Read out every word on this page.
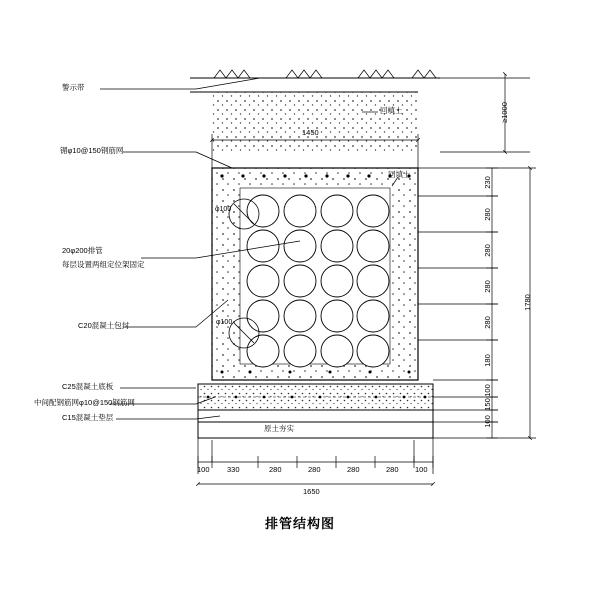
警示带
回填土
镅φ10@150钢筋网
回填土
20φ200排管
每层设置两组定位架固定
C20混凝土包封
C25混凝土底板
中间配钢筋网φ10@150钢筋网
C15混凝土垫层
原土夯实
φ100
φ100
1450
1650
100 330	280	280	280	280 100
≥1000
230
280
280
280
280
180
100
150
100
1780
排管结构图
